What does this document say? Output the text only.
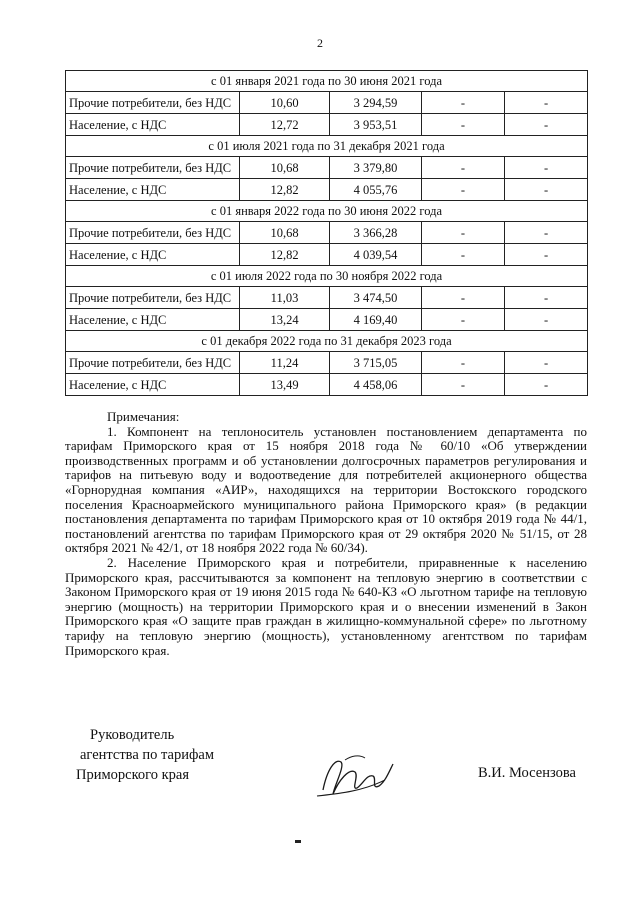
2
с 01 января 2021 года по 30 июня 2021 года				
Прочие потребители, без НДС	10,60	3 294,59	-	-
Население, с НДС	12,72	3 953,51	-	-
с 01 июля 2021 года по 31 декабря 2021 года				
Прочие потребители, без НДС	10,68	3 379,80	-	-
Население, с НДС	12,82	4 055,76	-	-
с 01 января 2022 года по 30 июня 2022 года				
Прочие потребители, без НДС	10,68	3 366,28	-	-
Население, с НДС	12,82	4 039,54	-	-
с 01 июля 2022 года по 30 ноября 2022 года				
Прочие потребители, без НДС	11,03	3 474,50	-	-
Население, с НДС	13,24	4 169,40	-	-
с 01 декабря 2022 года по 31 декабря 2023 года				
Прочие потребители, без НДС	11,24	3 715,05	-	-
Население, с НДС	13,49	4 458,06	-	-
Примечания:

1. Компонент на теплоноситель установлен постановлением департамента по тарифам Приморского края от 15 ноября 2018 года № 60/10 «Об утверждении производственных программ и об установлении долгосрочных параметров регулирования и тарифов на питьевую воду и водоотведение для потребителей акционерного общества «Горнорудная компания «АИР», находящихся на территории Востокского городского поселения Красноармейского муниципального района Приморского края» (в редакции постановления департамента по тарифам Приморского края от 10 октября 2019 года № 44/1, постановлений агентства по тарифам Приморского края от 29 октября 2020 № 51/15, от 28 октября 2021 № 42/1, от 18 ноября 2022 года № 60/34).

2. Население Приморского края и потребители, приравненные к населению Приморского края, рассчитываются за компонент на тепловую энергию в соответствии с Законом Приморского края от 19 июня 2015 года № 640-КЗ «О льготном тарифе на тепловую энергию (мощность) на территории Приморского края и о внесении изменений в Закон Приморского края «О защите прав граждан в жилищно-коммунальной сфере» по льготному тарифу на тепловую энергию (мощность), установленному агентством по тарифам Приморского края.

Руководитель
агентства по тарифам
Приморского края	В.И. Мосензова
